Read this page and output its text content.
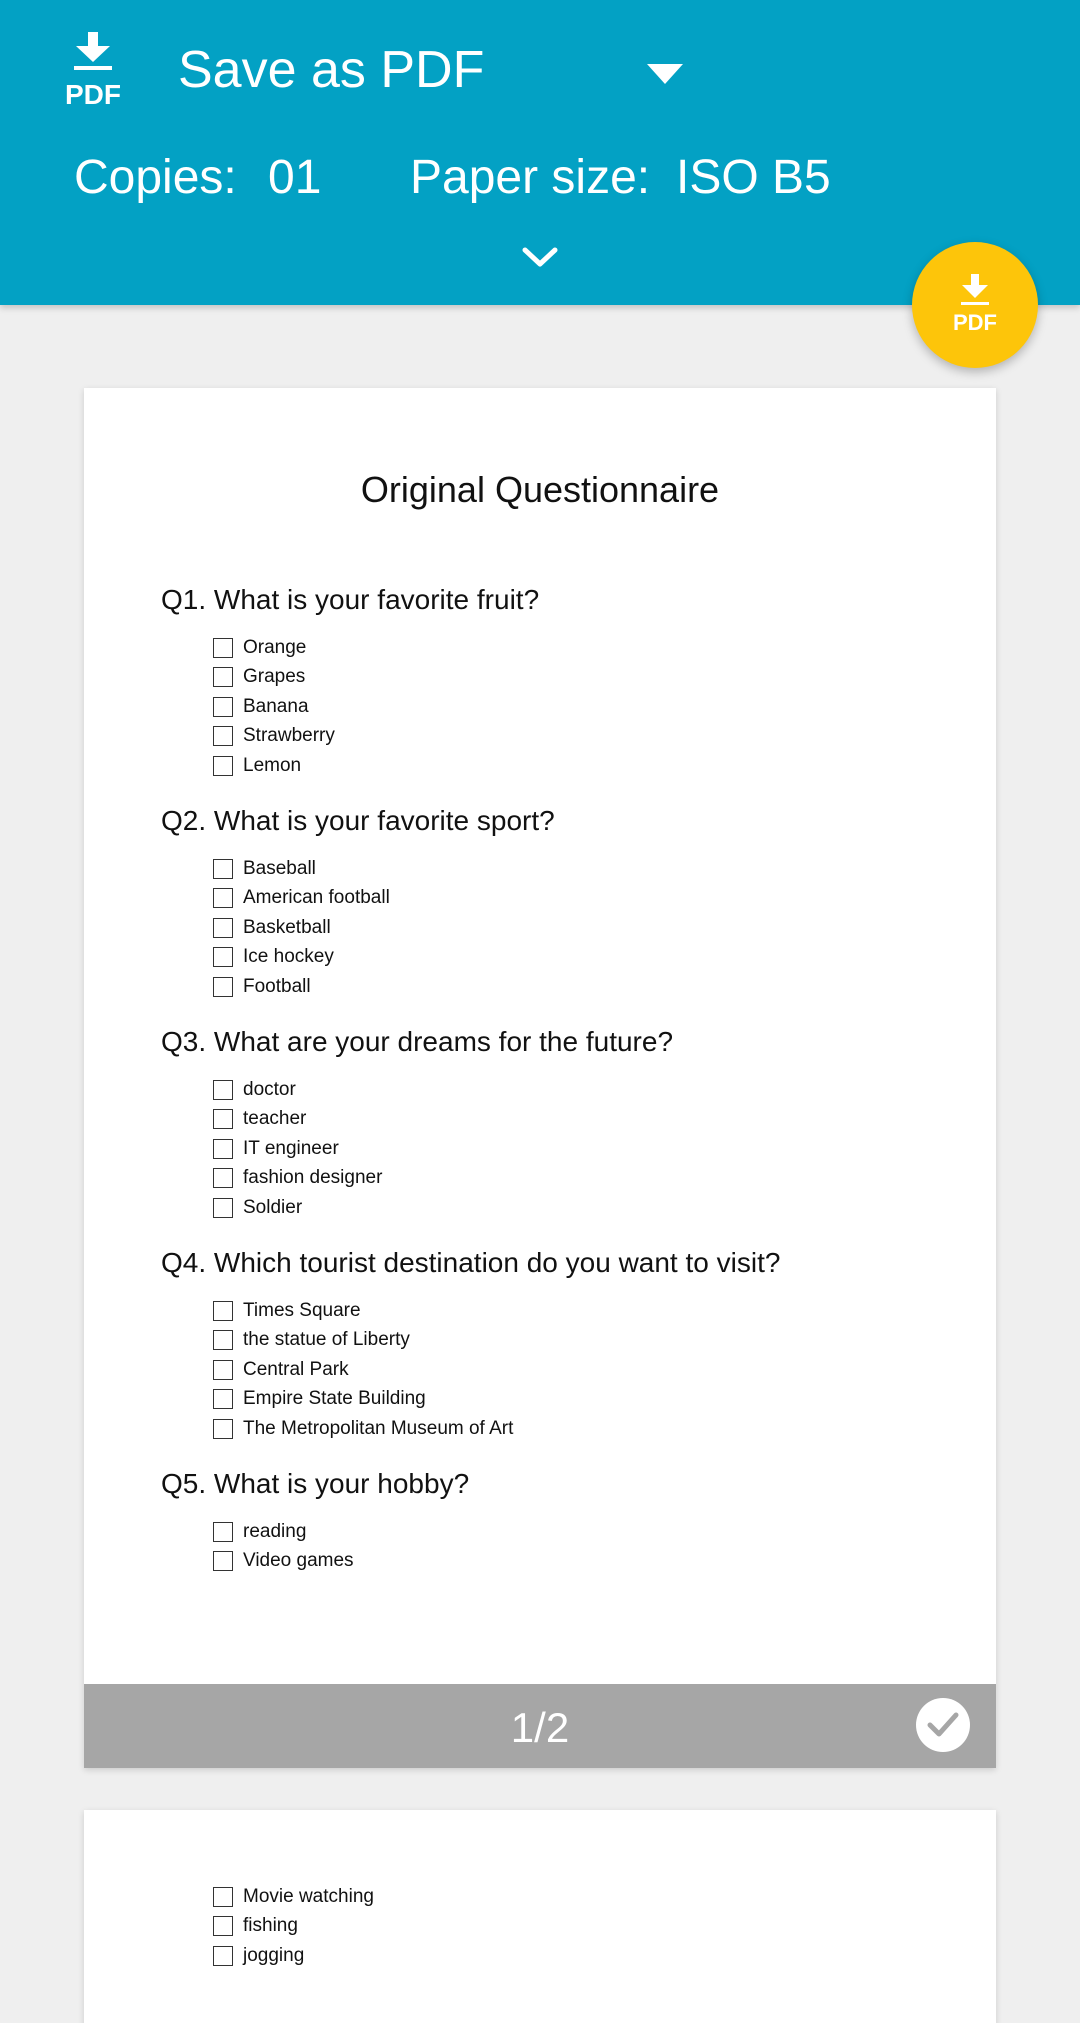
PDF Save as PDF
Copies: 01 Paper size: ISO B5
PDF
Original Questionnaire
Q1. What is your favorite fruit?
Orange
Grapes
Banana
Strawberry
Lemon
Q2. What is your favorite sport?
Baseball
American football
Basketball
Ice hockey
Football
Q3. What are your dreams for the future?
doctor
teacher
IT engineer
fashion designer
Soldier
Q4. Which tourist destination do you want to visit?
Times Square
the statue of Liberty
Central Park
Empire State Building
The Metropolitan Museum of Art
Q5. What is your hobby?
reading
Video games
1/2
Movie watching
fishing
jogging
